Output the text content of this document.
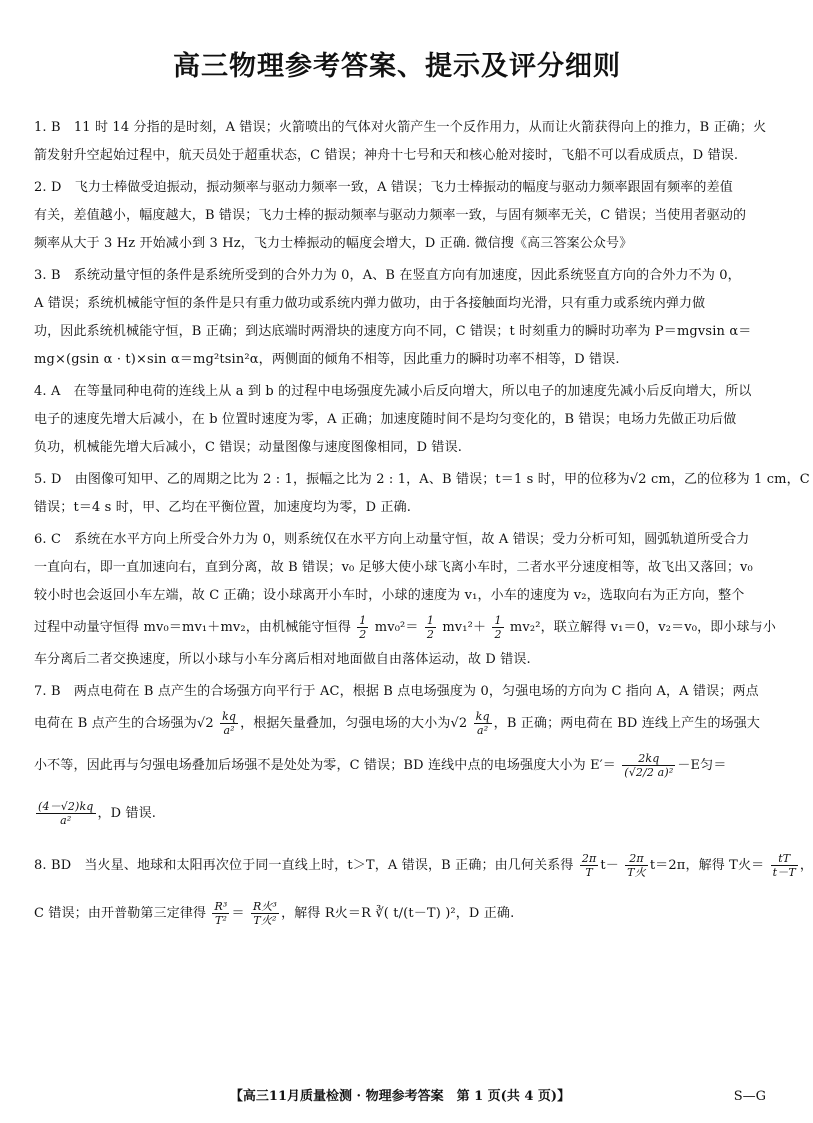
高三物理参考答案、提示及评分细则
1. B　11 时 14 分指的是时刻，A 错误；火箭喷出的气体对火箭产生一个反作用力，从而让火箭获得向上的推力，B 正确；火
箭发射升空起始过程中，航天员处于超重状态，C 错误；神舟十七号和天和核心舱对接时，飞船不可以看成质点，D 错误.
2. D　飞力士棒做受迫振动，振动频率与驱动力频率一致，A 错误；飞力士棒振动的幅度与驱动力频率跟固有频率的差值
有关，差值越小，幅度越大，B 错误；飞力士棒的振动频率与驱动力频率一致，与固有频率无关，C 错误；当使用者驱动的
频率从大于 3 Hz 开始减小到 3 Hz，飞力士棒振动的幅度会增大，D 正确. 微信搜《高三答案公众号》
3. B　系统动量守恒的条件是系统所受到的合外力为 0，A、B 在竖直方向有加速度，因此系统竖直方向的合外力不为 0，
A 错误；系统机械能守恒的条件是只有重力做功或系统内弹力做功，由于各接触面均光滑，只有重力或系统内弹力做
功，因此系统机械能守恒，B 正确；到达底端时两滑块的速度方向不同，C 错误；t 时刻重力的瞬时功率为 P＝mgvsin α＝
mg×(gsin α · t)×sin α＝mg²tsin²α，两侧面的倾角不相等，因此重力的瞬时功率不相等，D 错误.
4. A　在等量同种电荷的连线上从 a 到 b 的过程中电场强度先减小后反向增大，所以电子的加速度先减小后反向增大，所以
电子的速度先增大后减小，在 b 位置时速度为零，A 正确；加速度随时间不是均匀变化的，B 错误；电场力先做正功后做
负功，机械能先增大后减小，C 错误；动量图像与速度图像相同，D 错误.
5. D　由图像可知甲、乙的周期之比为 2 : 1，振幅之比为 2 : 1，A、B 错误；t＝1 s 时，甲的位移为√2 cm，乙的位移为 1 cm，C
错误；t＝4 s 时，甲、乙均在平衡位置，加速度均为零，D 正确.
6. C　系统在水平方向上所受合外力为 0，则系统仅在水平方向上动量守恒，故 A 错误；受力分析可知，圆弧轨道所受合力
一直向右，即一直加速向右，直到分离，故 B 错误；v₀ 足够大使小球飞离小车时，二者水平分速度相等，故飞出又落回；v₀
较小时也会返回小车左端，故 C 正确；设小球离开小车时，小球的速度为 v₁，小车的速度为 v₂，选取向右为正方向，整个
过程中动量守恒得 mv₀＝mv₁＋mv₂，由机械能守恒得 $\frac{1}{2} mv_0^2= \frac{1}{2} mv_1^2+ \frac{1}{2} mv_2^2$，联立解得 v₁＝0，v₂＝v₀，即小球与小
车分离后二者交换速度，所以小球与小车分离后相对地面做自由落体运动，故 D 错误.
7. B　两点电荷在 B 点产生的合场强方向平行于 AC，根据 B 点电场强度为 0，匀强电场的方向为 C 指向 A，A 错误；两点
电荷在 B 点产生的合场强为$√2 \frac{kq}{\text{a²}}$ ，根据矢量叠加，匀强电场的大小为$√2 \frac{kq}{\text{a²}}$ ，B 正确；两电荷在 BD 连线上产生的场强大
小不等，因此再与匀强电场叠加后场强不是处处为零，C 错误；BD 连线中点的电场强度大小为 $E'= \frac{2kq}{\text{(√2/2 a)²}} -E$匀＝
$\frac{(4-√2)kq}{\text{a²}}$ ，D 错误.
8. BD　当火星、地球和太阳再次位于同一直线上时，t＞T，A 错误，B 正确；由几何关系得 $\frac{2\pi}{T} t- \frac{2\pi}{\text{T火}} t=2\pi$，解得 T火＝ $\frac{tT}{t-T}$ ，
C 错误；由开普勒第三定律得 $\frac{\text{R³}}{\text{T²}} = \frac{\text{R火³}}{\text{T火²}}$ ，解得 R火＝R ∛( t/(t－T) )²，D 正确.
【高三11月质量检测 · 物理参考答案　第 1 页(共 4 页)】	S—G
